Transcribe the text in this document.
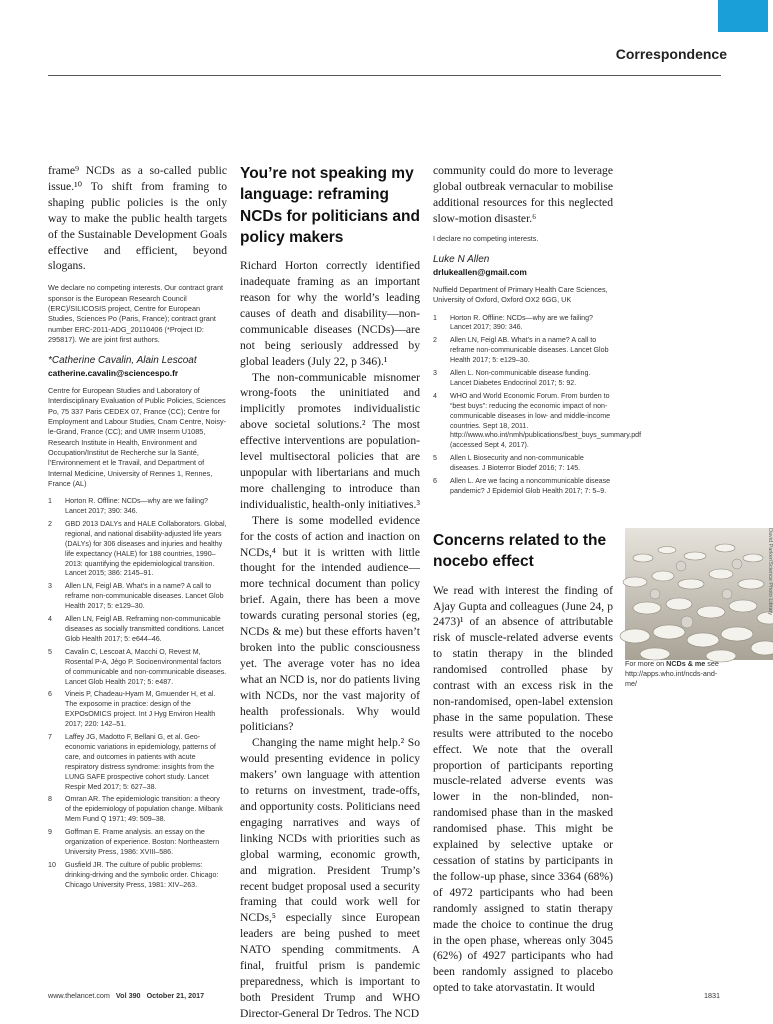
Correspondence

frame⁹ NCDs as a so-called public issue.¹⁰ To shift from framing to shaping public policies is the only way to make the public health targets of the Sustainable Development Goals effective and efficient, beyond slogans.

We declare no competing interests. Our contract grant sponsor is the European Research Council (ERC)/SILICOSIS project, Centre for European Studies, Sciences Po (Paris, France); contract grant number ERC-2011-ADG_20110406 (*Project ID: 295817). We are joint first authors.

*Catherine Cavalin, Alain Lescoat
catherine.cavalin@sciencespo.fr

Centre for European Studies and Laboratory of Interdisciplinary Evaluation of Public Policies, Sciences Po, 75 337 Paris CEDEX 07, France (CC); Centre for Employment and Labour Studies, Cnam Centre, Noisy-le-Grand, France (CC); and UMR Inserm U1085, Research Institute in Health, Environment and Occupation/Institut de Recherche sur la Santé, l’Environnement et le Travail, and Department of Internal Medicine, University of Rennes 1, Rennes, France (AL)

1 Horton R. Offline: NCDs—why are we failing? Lancet 2017; 390: 346.
2 GBD 2013 DALYs and HALE Collaborators. Global, regional, and national disability-adjusted life years (DALYs) for 306 diseases and injuries and healthy life expectancy (HALE) for 188 countries, 1990–2013: quantifying the epidemiological transition. Lancet 2015; 386: 2145–91.
3 Allen LN, Feigl AB. What’s in a name? A call to reframe non-communicable diseases. Lancet Glob Health 2017; 5: e129–30.
4 Allen LN, Feigl AB. Reframing non-communicable diseases as socially transmitted conditions. Lancet Glob Health 2017; 5: e644–46.
5 Cavalin C, Lescoat A, Macchi O, Revest M, Rosental P-A, Jégo P. Socioenvironmental factors of communicable and non-communicable diseases. Lancet Glob Health 2017; 5: e487.
6 Vineis P, Chadeau-Hyam M, Gmuender H, et al. The exposome in practice: design of the EXPOsOMICS project. Int J Hyg Environ Health 2017; 220: 142–51.
7 Laffey JG, Madotto F, Bellani G, et al. Geo-economic variations in epidemiology, patterns of care, and outcomes in patients with acute respiratory distress syndrome: insights from the LUNG SAFE prospective cohort study. Lancet Respir Med 2017; 5: 627–38.
8 Omran AR. The epidemiologic transition: a theory of the epidemiology of population change. Milbank Mem Fund Q 1971; 49: 509–38.
9 Goffman E. Frame analysis. an essay on the organization of experience. Boston: Northeastern University Press, 1986: XVIII–586.
10 Gusfield JR. The culture of public problems: drinking-driving and the symbolic order. Chicago: Chicago University Press, 1981: XIV–263.
You’re not speaking my language: reframing NCDs for politicians and policy makers

Richard Horton correctly identified inadequate framing as an important reason for why the world’s leading causes of death and disability—non-communicable diseases (NCDs)—are not being seriously addressed by global leaders (July 22, p 346).¹
The non-communicable misnomer wrong-foots the uninitiated and implicitly promotes individualistic above societal solutions.² The most effective interventions are population-level multisectoral policies that are unpopular with libertarians and much more challenging to introduce than individualistic, health-only initiatives.³
There is some modelled evidence for the costs of action and inaction on NCDs,⁴ but it is written with little thought for the intended audience—more technical document than policy brief. Again, there has been a move towards curating personal stories (eg, NCDs & me) but these efforts haven’t broken into the public consciousness yet. The average voter has no idea what an NCD is, nor do patients living with NCDs, nor the vast majority of health professionals. Why would politicians?
Changing the name might help.² So would presenting evidence in policy makers’ own language with attention to returns on investment, trade-offs, and opportunity costs. Politicians need engaging narratives and ways of linking NCDs with priorities such as global warming, economic growth, and migration. President Trump’s recent budget proposal used a security framing that could work well for NCDs,⁵ especially since European leaders are being pushed to meet NATO spending commitments. A final, fruitful prism is pandemic preparedness, which is important to both President Trump and WHO Director-General Dr Tedros. The NCD

community could do more to leverage global outbreak vernacular to mobilise additional resources for this neglected slow-motion disaster.⁶

I declare no competing interests.

Luke N Allen
drlukeallen@gmail.com

Nuffield Department of Primary Health Care Sciences, University of Oxford, Oxford OX2 6GG, UK

1 Horton R. Offline: NCDs—why are we failing? Lancet 2017; 390: 346.
2 Allen LN, Feigl AB. What’s in a name? A call to reframe non-communicable diseases. Lancet Glob Health 2017; 5: e129–30.
3 Allen L. Non-communicable disease funding. Lancet Diabetes Endocrinol 2017; 5: 92.
4 WHO and World Economic Forum. From burden to “best buys”: reducing the economic impact of non-communicable diseases in low- and middle-income countries. Sept 18, 2011. http://www.who.int/nmh/publications/best_buys_summary.pdf (accessed Sept 4, 2017).
5 Allen L Biosecurity and non-communicable diseases. J Bioterror Biodef 2016; 7: 145.
6 Allen L. Are we facing a noncommunicable disease pandemic? J Epidemiol Glob Health 2017; 7: 5–9.
Concerns related to the nocebo effect

We read with interest the finding of Ajay Gupta and colleagues (June 24, p 2473)¹ of an absence of attributable risk of muscle-related adverse events to statin therapy in the blinded randomised controlled phase by contrast with an excess risk in the non-randomised, open-label extension phase in the same population. These results were attributed to the nocebo effect. We note that the overall proportion of participants reporting muscle-related adverse events was lower in the non-blinded, non-randomised phase than in the masked randomised phase. This might be explained by selective uptake or cessation of statins by participants in the follow-up phase, since 3364 (68%) of 4972 participants who had been randomly assigned to statin therapy made the choice to continue the drug in the open phase, whereas only 3045 (62%) of 4927 participants who had been randomly assigned to placebo opted to take atorvastatin. It would

David Parker/Science Photo Library
For more on NCDs & me see http://apps.who.int/ncds-and-me/
www.thelancet.com Vol 390 October 21, 2017	1831
